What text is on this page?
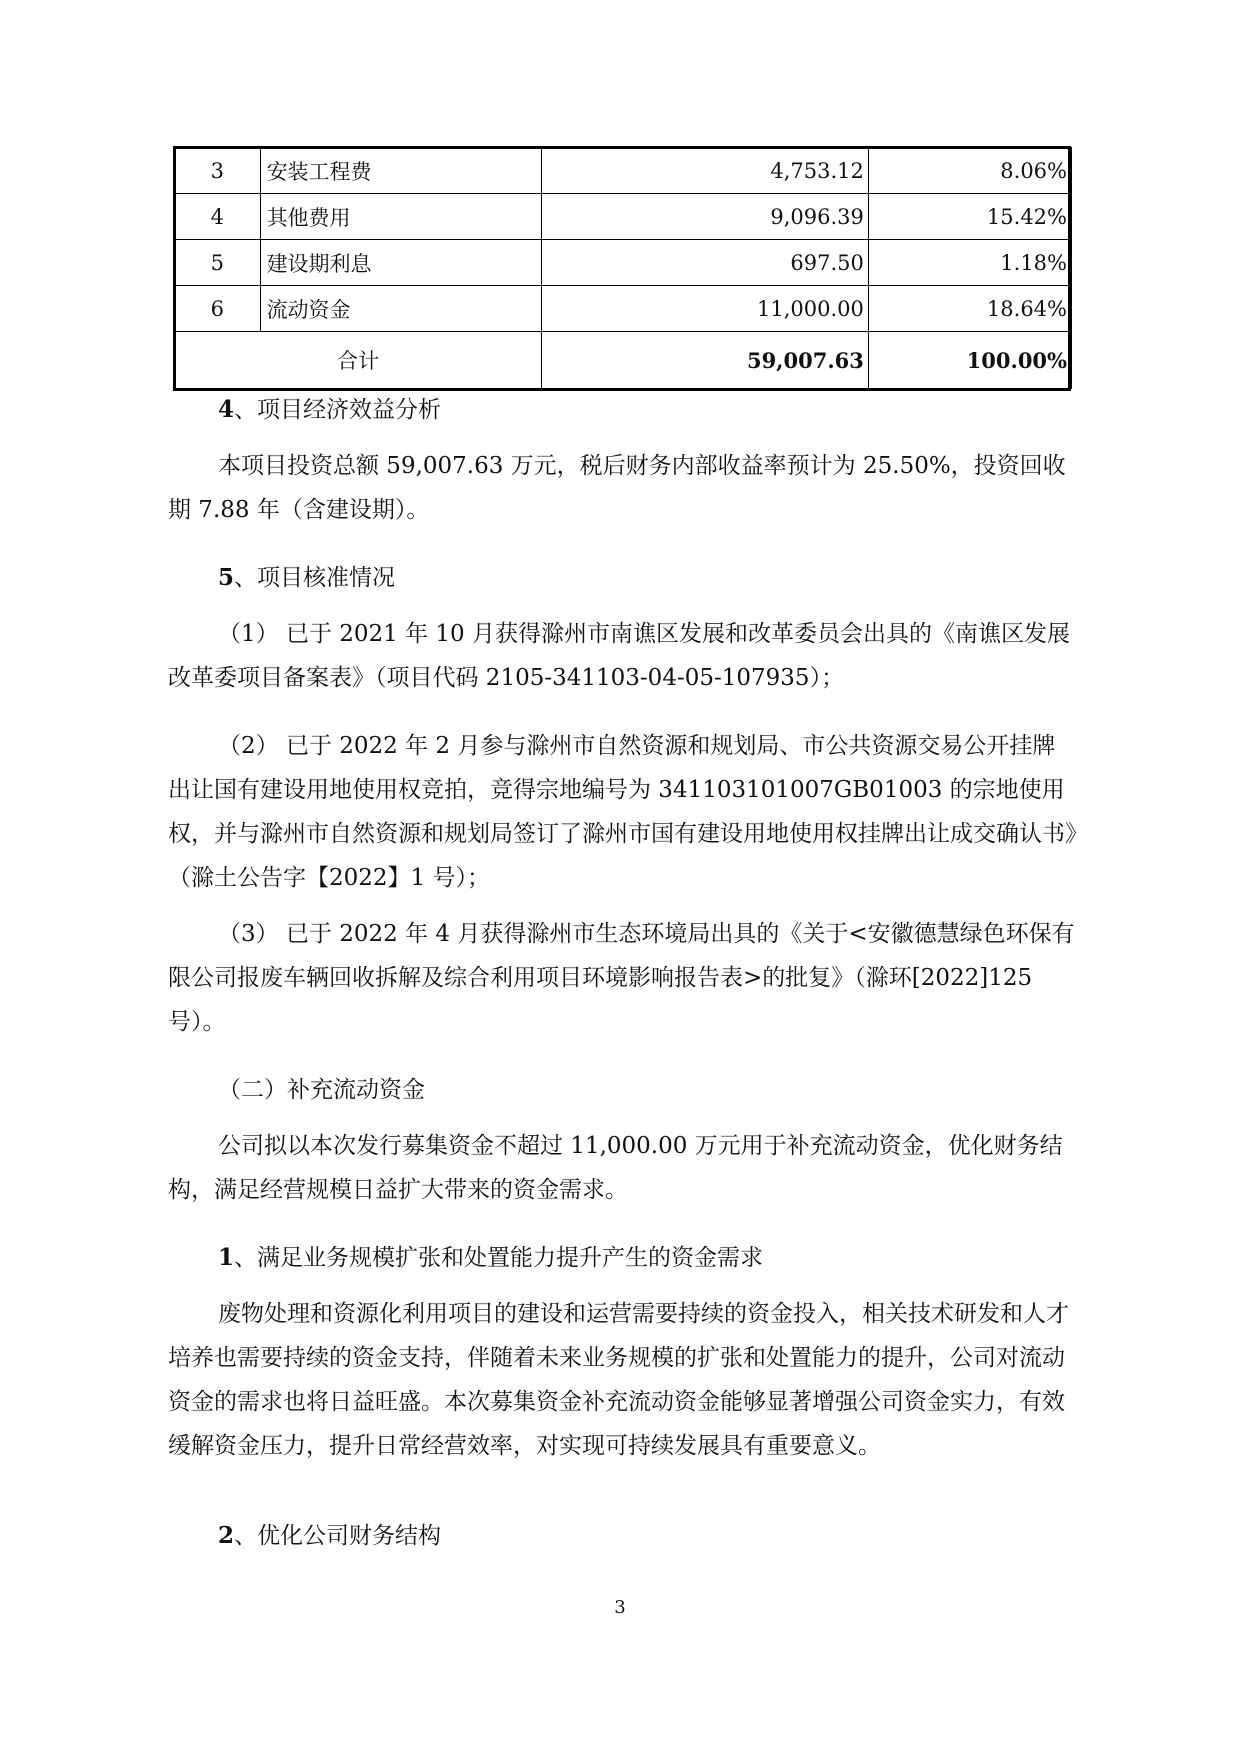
3	安装工程费	4,753.12	8.06%
4	其他费用	9,096.39	15.42%
5	建设期利息	697.50	1.18%
6	流动资金	11,000.00	18.64%
合计		59,007.63	100.00%

4、项目经济效益分析

本项目投资总额 59,007.63 万元，税后财务内部收益率预计为 25.50%，投资回收期 7.88 年（含建设期）。

5、项目核准情况

（1） 已于 2021 年 10 月获得滁州市南谯区发展和改革委员会出具的《南谯区发展改革委项目备案表》（项目代码 2105-341103-04-05-107935）；

（2） 已于 2022 年 2 月参与滁州市自然资源和规划局、市公共资源交易公开挂牌出让国有建设用地使用权竞拍，竞得宗地编号为 341103101007GB01003 的宗地使用权，并与滁州市自然资源和规划局签订了滁州市国有建设用地使用权挂牌出让成交确认书》（滁土公告字【2022】1 号）；

（3） 已于 2022 年 4 月获得滁州市生态环境局出具的《关于<安徽德慧绿色环保有限公司报废车辆回收拆解及综合利用项目环境影响报告表>的批复》（滁环[2022]125 号）。

（二）补充流动资金

公司拟以本次发行募集资金不超过 11,000.00 万元用于补充流动资金，优化财务结构，满足经营规模日益扩大带来的资金需求。

1、满足业务规模扩张和处置能力提升产生的资金需求

废物处理和资源化利用项目的建设和运营需要持续的资金投入，相关技术研发和人才培养也需要持续的资金支持，伴随着未来业务规模的扩张和处置能力的提升，公司对流动资金的需求也将日益旺盛。本次募集资金补充流动资金能够显著增强公司资金实力，有效缓解资金压力，提升日常经营效率，对实现可持续发展具有重要意义。

2、优化公司财务结构

3
